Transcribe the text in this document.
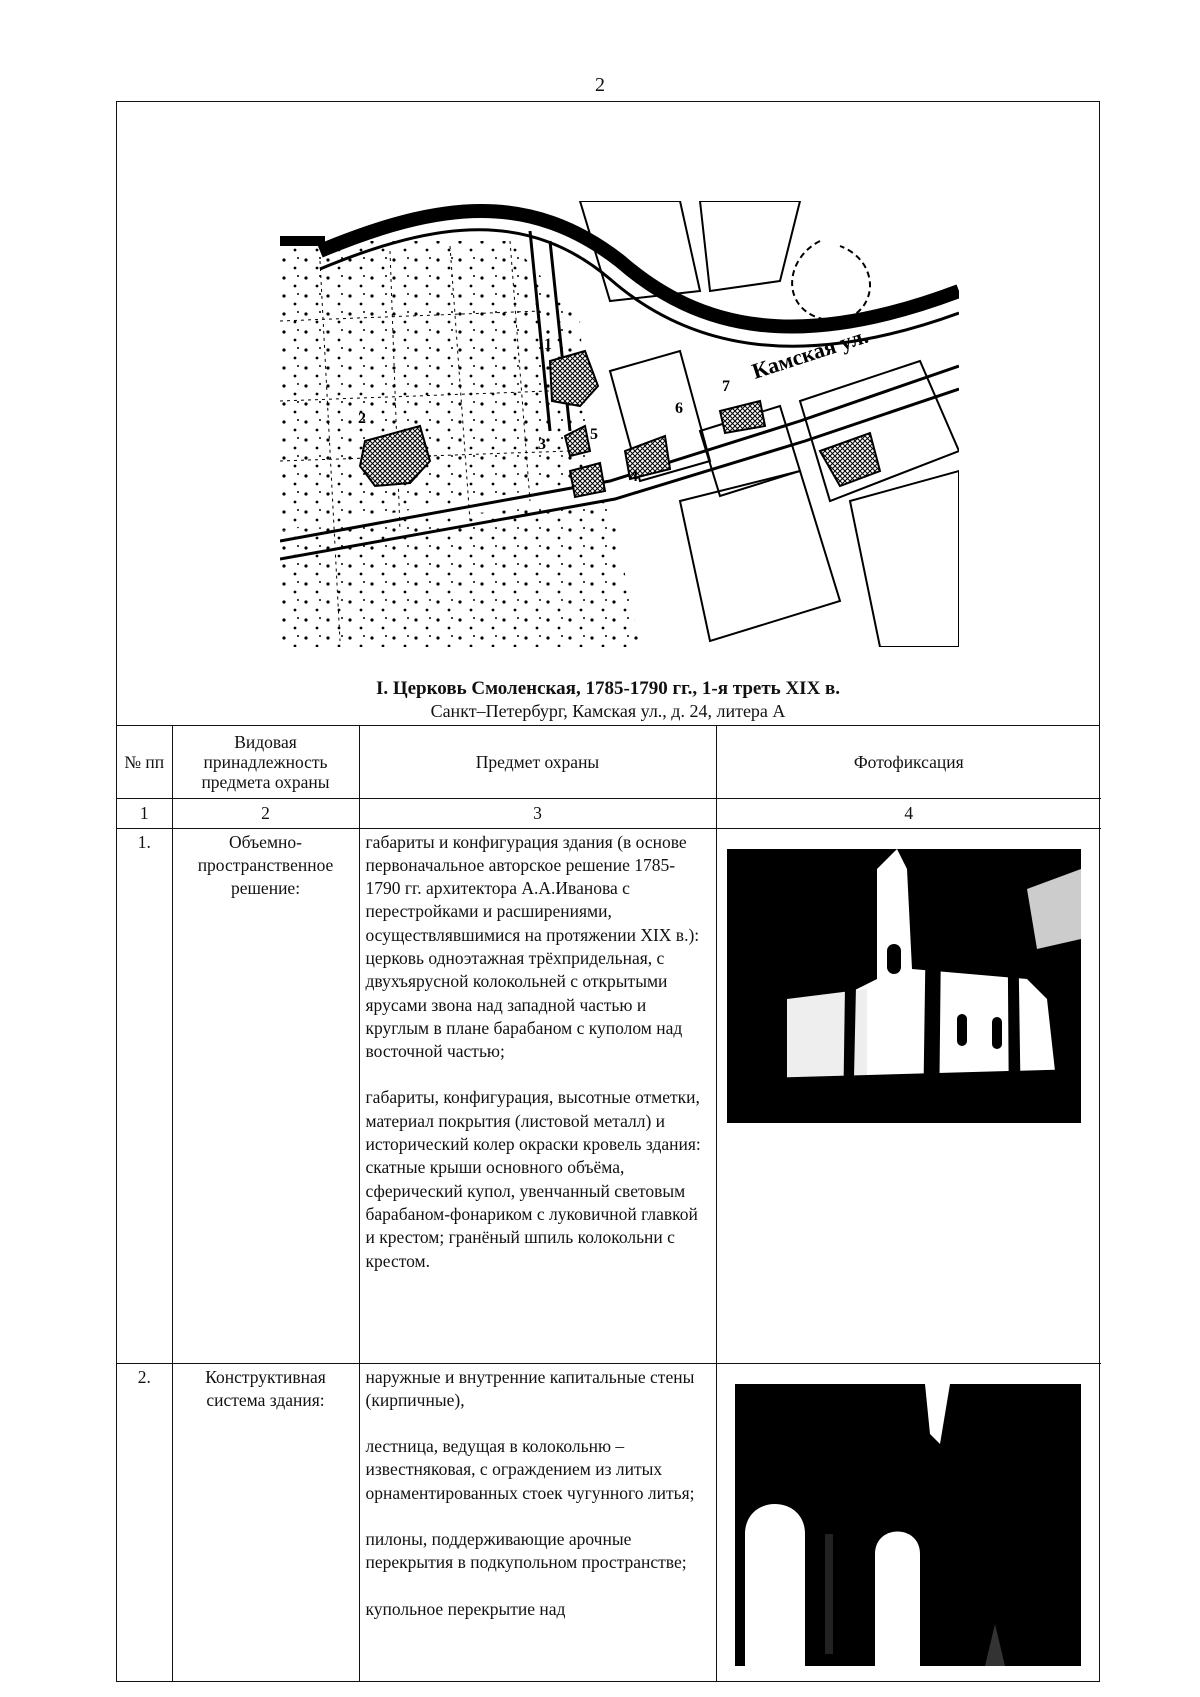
2
Камская ул.
1
2
3
4
5
6
7
I. Церковь Смоленская, 1785-1790 гг., 1-я треть XIX в.
Санкт–Петербург, Камская ул., д. 24, литера А
№ пп	Видовая принадлежность предмета охраны	Предмет охраны	Фотофиксация
1	2	3	4
1.	Объемно-пространственное решение:	габариты и конфигурация здания (в основе первоначальное авторское решение 1785-1790 гг. архитектора А.А.Иванова с перестройками и расширениями, осуществлявшимися на протяжении XIX в.): церковь одноэтажная трёхпридельная, с двухъярусной колокольней с открытыми ярусами звона над западной частью и круглым в плане барабаном с куполом над восточной частью;
габариты, конфигурация, высотные отметки, материал покрытия (листовой металл) и исторический колер окраски кровель здания: скатные крыши основного объёма, сферический купол, увенчанный световым барабаном-фонариком с луковичной главкой и крестом; гранёный шпиль колокольни с крестом.

2.	Конструктивная система здания:	наружные и внутренние капитальные стены (кирпичные),
лестница, ведущая в колокольню – известняковая, с ограждением из литых орнаментированных стоек чугунного литья;
пилоны, поддерживающие арочные перекрытия в подкупольном пространстве;
купольное перекрытие над
